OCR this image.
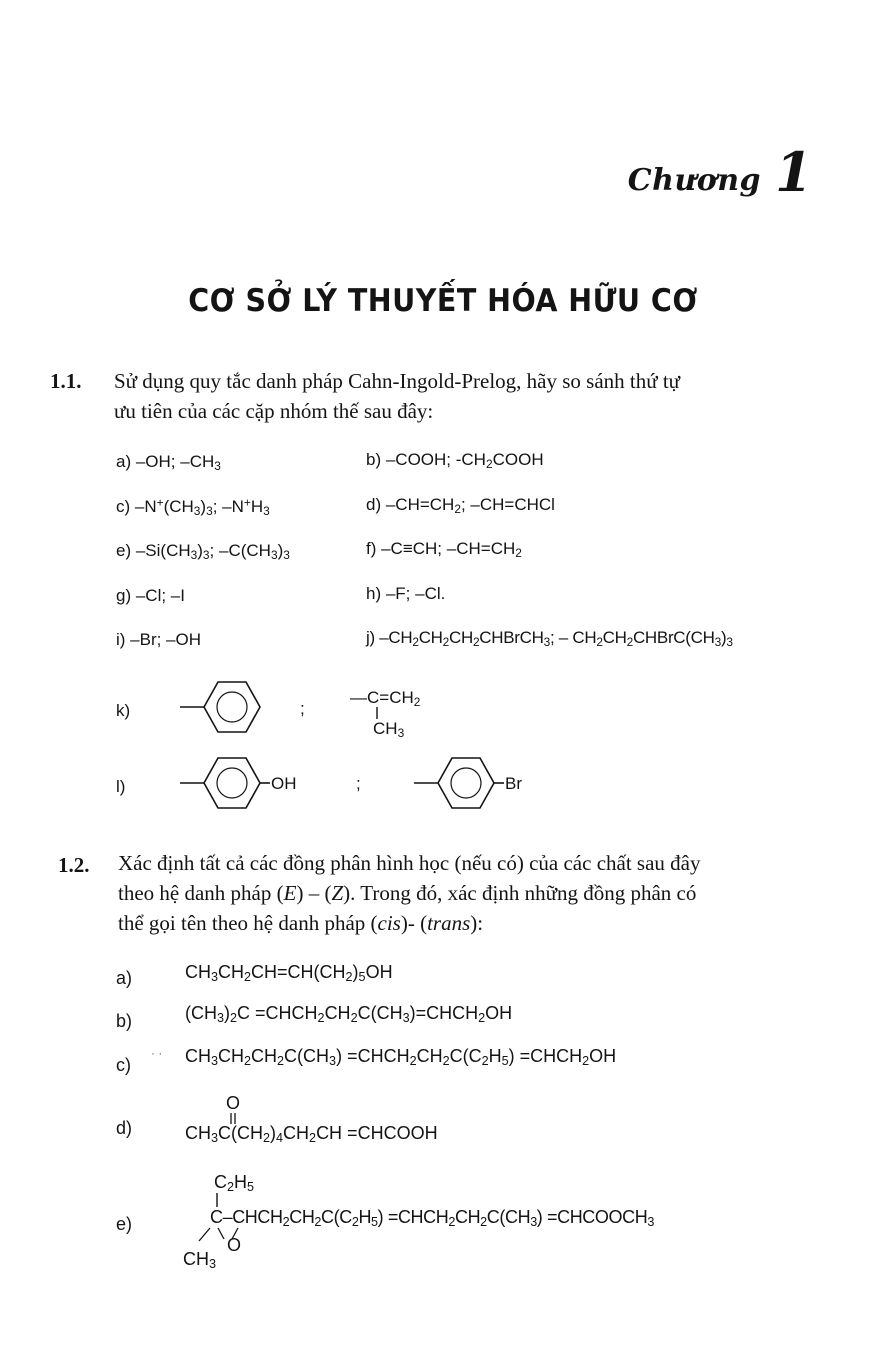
Chương 1
CƠ SỞ LÝ THUYẾT HÓA HỮU CƠ
1.1. Sử dụng quy tắc danh pháp Cahn-Ingold-Prelog, hãy so sánh thứ tự
ưu tiên của các cặp nhóm thế sau đây:
a) –OH; $-CH_3$	b) –COOH; $-CH_2COOH$
c) $-N^+(CH_3)_3$; $-N^+H_3$	d) $-CH=CH_2$; –CH=CHCl
e) $-Si(CH_3)_3$; $-C(CH_3)_3$	f) –C≡CH; $-CH=CH_2$
g) –Cl; –I	h) –F; –Cl.
i) –Br; –OH	j) $-CH_2CH_2CH_2CHBrCH_3$; – $CH_2CH_2CHBrC(CH_3)_3$
k)	;
$—C=CH_2$
$CH_3$
l)	OH	;	Br
1.2. Xác định tất cả các đồng phân hình học (nếu có) của các chất sau đây
theo hệ danh pháp (E) – (Z). Trong đó, xác định những đồng phân có
thể gọi tên theo hệ danh pháp (cis)- (trans):
a)	$CH_3CH_2CH=CH(CH_2)_5OH$
b)	$(CH_3)_2C$ $=CHCH_2CH_2C(CH_3)=CHCH_2OH$
c)
· · $CH_3CH_2CH_2C(CH_3)$ $=CHCH_2CH_2C(C_2H_5)$ $=CHCH_2OH$
d)
O
$CH_3C(CH_2)_4CH_2CH$ =CHCOOH
e)
$C_2H_5$
$C-CHCH_2CH_2C(C_2H_5)$ $=CHCH_2CH_2C(CH_3)$ $=CHCOOCH_3$
O
$CH_3$
